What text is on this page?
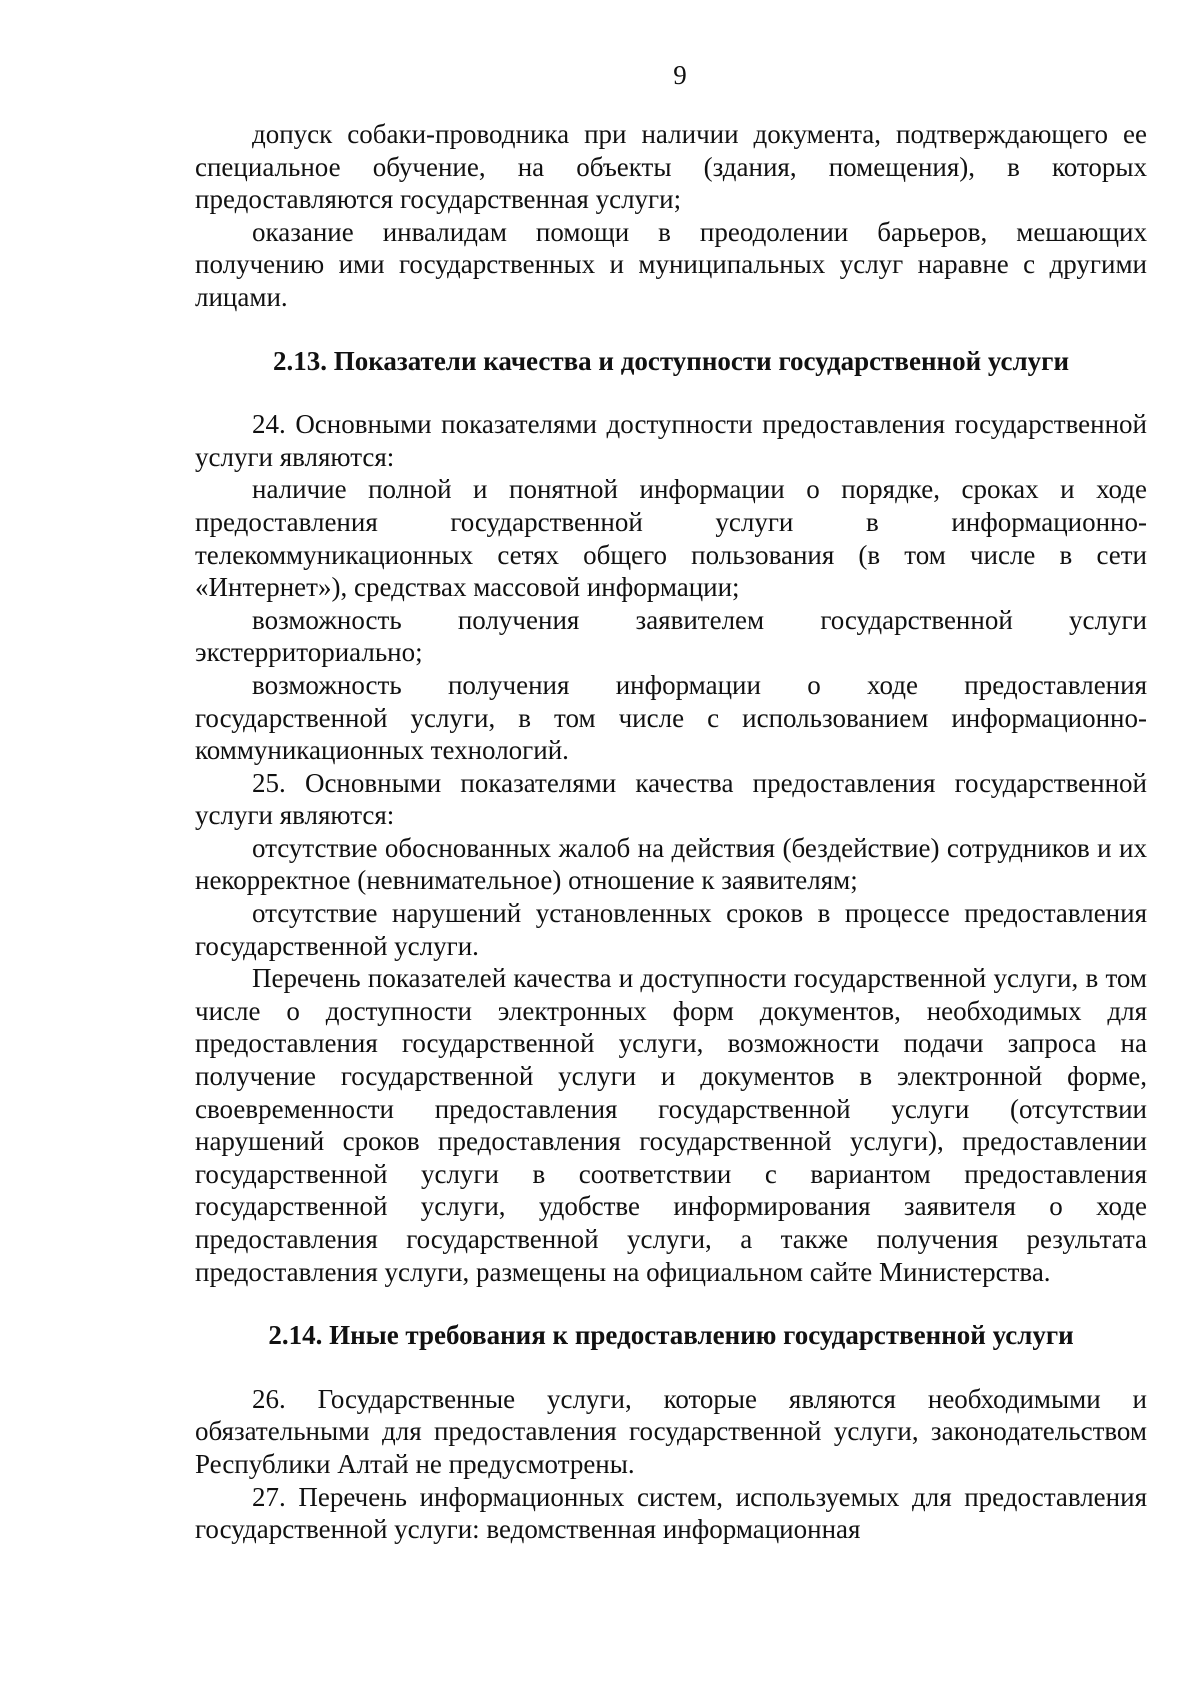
9

допуск собаки-проводника при наличии документа, подтверждающего ее специальное обучение, на объекты (здания, помещения), в которых предоставляются государственная услуги;

оказание инвалидам помощи в преодолении барьеров, мешающих получению ими государственных и муниципальных услуг наравне с другими лицами.

2.13. Показатели качества и доступности государственной услуги

24. Основными показателями доступности предоставления государственной услуги являются:

наличие полной и понятной информации о порядке, сроках и ходе предоставления государственной услуги в информационно-телекоммуникационных сетях общего пользования (в том числе в сети «Интернет»), средствах массовой информации;

возможность получения заявителем государственной услуги экстерриториально;

возможность получения информации о ходе предоставления государственной услуги, в том числе с использованием информационно-коммуникационных технологий.

25. Основными показателями качества предоставления государственной услуги являются:

отсутствие обоснованных жалоб на действия (бездействие) сотрудников и их некорректное (невнимательное) отношение к заявителям;

отсутствие нарушений установленных сроков в процессе предоставления государственной услуги.

Перечень показателей качества и доступности государственной услуги, в том числе о доступности электронных форм документов, необходимых для предоставления государственной услуги, возможности подачи запроса на получение государственной услуги и документов в электронной форме, своевременности предоставления государственной услуги (отсутствии нарушений сроков предоставления государственной услуги), предоставлении государственной услуги в соответствии с вариантом предоставления государственной услуги, удобстве информирования заявителя о ходе предоставления государственной услуги, а также получения результата предоставления услуги, размещены на официальном сайте Министерства.

2.14. Иные требования к предоставлению государственной услуги

26. Государственные услуги, которые являются необходимыми и обязательными для предоставления государственной услуги, законодательством Республики Алтай не предусмотрены.

27. Перечень информационных систем, используемых для предоставления государственной услуги: ведомственная информационная
